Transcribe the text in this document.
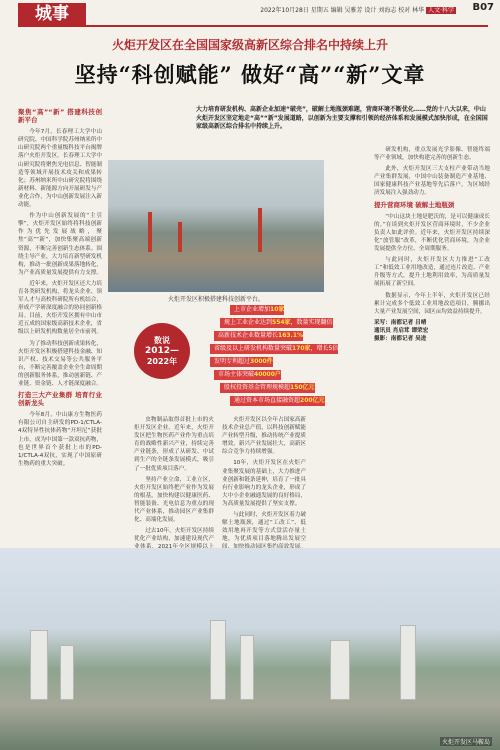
城事	2022年10月28日 星期五 编辑 吴雅芳 设计 刘海志 校对 林华 人文·科学 B07
火炬开发区在全国国家级高新区综合排名中持续上升
坚持“科创赋能” 做好“高”“新”文章
大力培育研发机构、高新企业加速“破壳”，破解土地瓶颈难题，营商环境不断优化……党的十八大以来，中山火炬开发区坚定地走“高”“新”发展道路，以创新为主要支撑和引领的经济体系和发展模式加快形成，在全国国家级高新区综合排名中持续上升。
聚焦“高”“新” 搭建科技创新平台

今年7月，长春理工大学中山研究院、中国科学院苏州纳米所中山研究院两个重量级科技平台揭牌落户火炬开发区。长春理工大学中山研究院将聚焦光电信息、智能制造等领域开展技术攻关和成果转化；苏州纳米所中山研究院将围绕新材料、新能源方向开展研发与产业化合作，为中山创新发展注入新动能。

作为中山创新发展的“主引擎”，火炬开发区始终将科技创新作为优先发展战略，聚焦“高”“新”，加快集聚高端创新资源，不断完善创新生态体系。围绕主导产业，大力培育新型研发机构，推动一批创新成果落地转化，为产业高质量发展提供有力支撑。

近年来，火炬开发区还大力培育各类研发机构，将龙头企业、领军人才与高校科研院所有机结合，形成产学研深度融合的协同创新格局。目前，火炬开发区拥有中山市近五成的国家级高新技术企业，省级以上研发机构数量居全市前列。

为了推动科技创新成果转化，火炬开发区积极搭建科技金融、知识产权、技术交易等公共服务平台，不断完善覆盖企业全生命周期的创新服务体系，推动创新链、产业链、资金链、人才链深度融合。

打造三大产业集群 培育行业创新龙头

今年8月，中山康方生物医药有限公司自主研发的PD-1/CTLA-4双特异性抗体药物“开坦尼”获批上市，成为中国第一款双抗药物，也是世界首个获批上市的PD-1/CTLA-4双抗，实现了中国原研生物药的重大突破。

火炬开发区积极搭建科技创新平台。
数说
2012—
2022年
上市企业增加10家
规上工业企业达到554家，数量实现翻倍
高新技术企业数量增长163.1%
省级及以上研发机构数量突破170家，增长5倍
发明专利超过3000件
市场主体突破40000户
股权投资基金管理规模超150亿元
通过资本市场直接融资超200亿元

虫物制品取得首批上市的火炬开发区企业。近年来，火炬开发区把生物医药产业作为重点培育的战略性新兴产业，持续完善产业链条，形成了从研发、中试到生产的全链条发展模式，吸引了一批优质项目落户。

坚持产业立命，工业立区，火炬开发区始终把产业作为发展的根基，加快构建以健康医药、智能装备、光电信息为重点的现代产业体系，推动园区产业集群化、高端化发展。

过去10年，火炬开发区持续优化产业结构，加速建设现代产

火炬开发区以全年占国家高新技术企业总产值，以科技创新赋能产业转型升级，推动传统产业提质增效，新兴产业发展壮大，高新区综合竞争力持续增强。

10年，火炬开发区在火炬产业集聚发展的基础上，大力推进产业创新和链条延伸，培育了一批具有行业影响力的龙头企业，形成了大中小企业融通发展的良好格局，为高质量发展提供了坚实支撑。

与此同时，火炬开发区着力破解土地瓶颈，通过“工改工”、低效用地再开发等方式盘活存量土地，为优质项目落地腾出发展空

研发机构，重点发展光学影像、智能终端等产业领域，加快构建完善的创新生态。

此外，火炬开发区三大支柱产业带动当地产业集群发展，中国中山装备制造产业基地、国家健康科技产业基地等先后落户，为区域经济发展注入强劲动力。

提升营商环境 破解土地瓶颈

“中山这块土地是肥沃的，是可以健康成长的。”在谈到火炬开发区营商环境时，不少企业负责人如此评价。近年来，火炬开发区持续深化“放管服”改革，不断优化营商环境，为企业发展提供全方位、全周期服务。

与此同时，火炬开发区大力推进“工改工”和低效工业用地改造，通过连片改造、产业升级等方式，提升土地利用效率，为高质量发展拓展了新空间。

数据显示，今年上半年，火炬开发区已经累计完成多个低效工业用地改造项目，腾挪出大量产业发展空间，园区亩均效益持续提升。

采写：南都记者 吕晴
通讯员 肖启茸 谭荣宏
摄影：南都记者 吴进
火炬开发区马鞍岛
